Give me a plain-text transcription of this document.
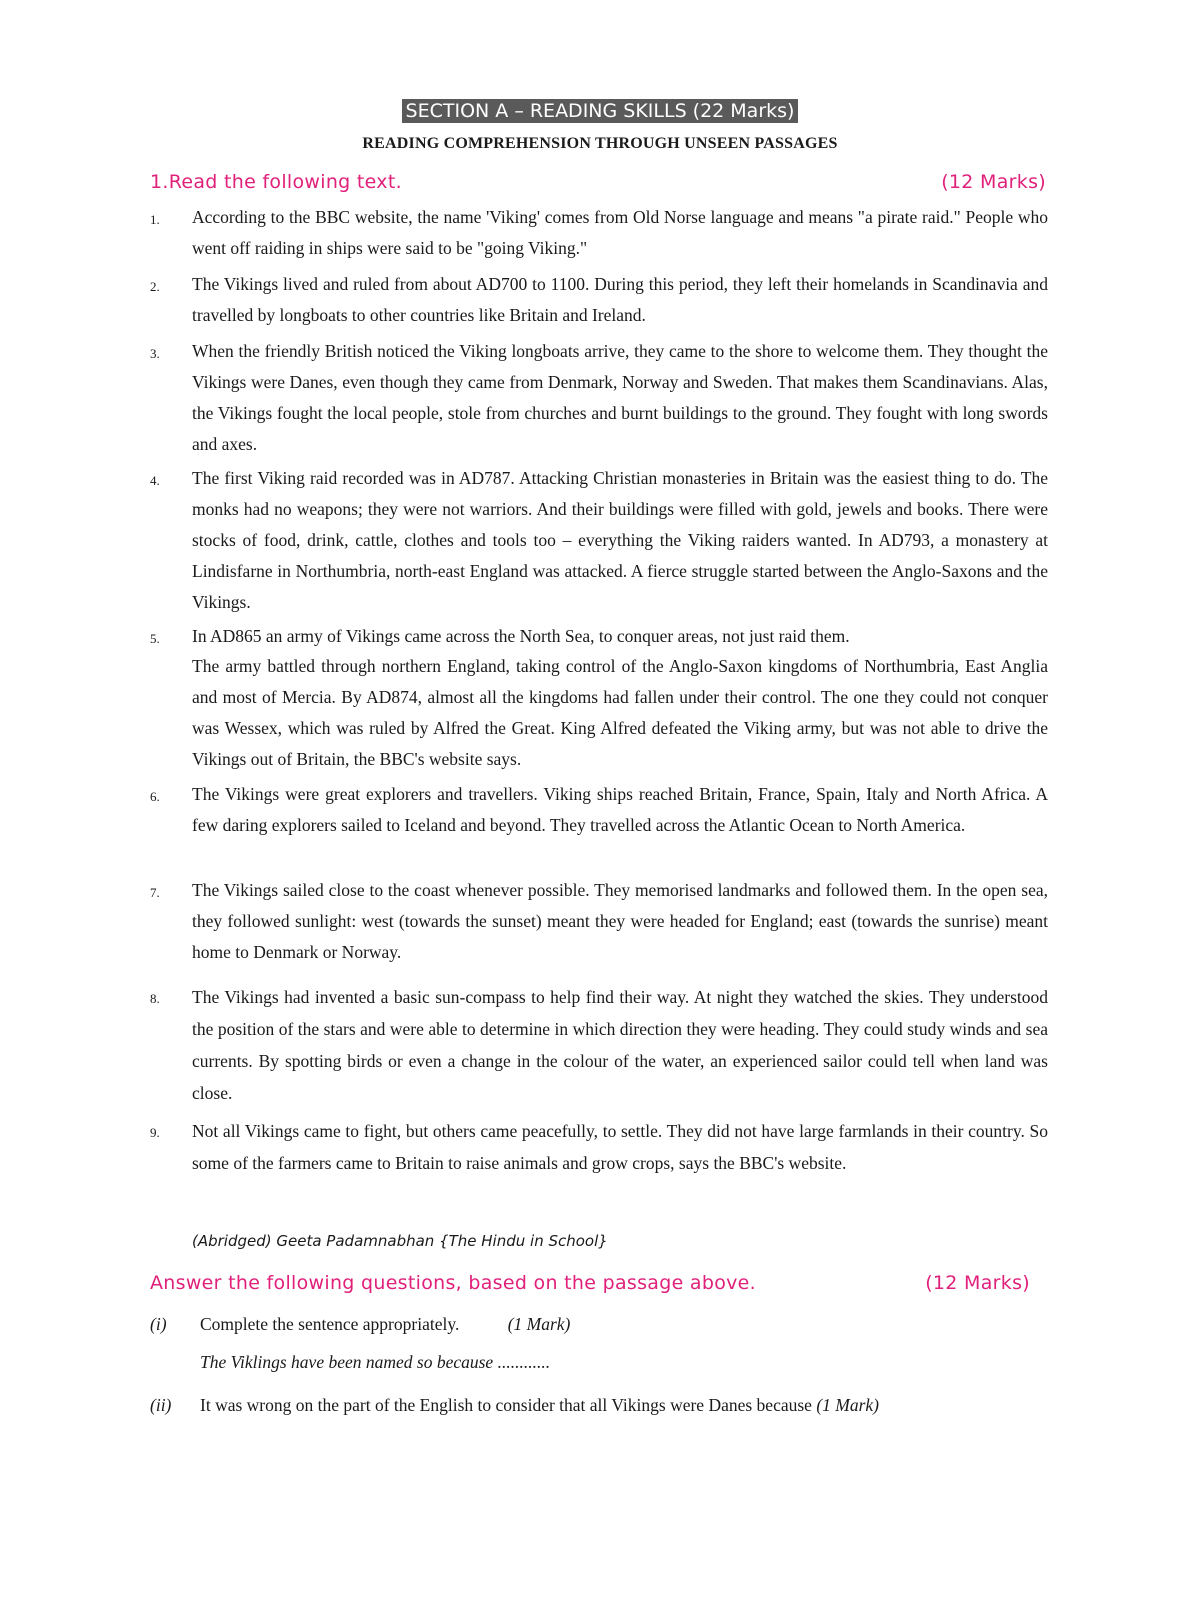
SECTION A – READING SKILLS (22 Marks)
READING COMPREHENSION THROUGH UNSEEN PASSAGES
1.Read the following text.	(12 Marks)
1. According to the BBC website, the name 'Viking' comes from Old Norse language and means "a pirate raid." People who went off raiding in ships were said to be "going Viking."
2. The Vikings lived and ruled from about AD700 to 1100. During this period, they left their homelands in Scandinavia and travelled by longboats to other countries like Britain and Ireland.
3. When the friendly British noticed the Viking longboats arrive, they came to the shore to welcome them. They thought the Vikings were Danes, even though they came from Denmark, Norway and Sweden. That makes them Scandinavians. Alas, the Vikings fought the local people, stole from churches and burnt buildings to the ground. They fought with long swords and axes.
4. The first Viking raid recorded was in AD787. Attacking Christian monasteries in Britain was the easiest thing to do. The monks had no weapons; they were not warriors. And their buildings were filled with gold, jewels and books. There were stocks of food, drink, cattle, clothes and tools too – everything the Viking raiders wanted. In AD793, a monastery at Lindisfarne in Northumbria, north-east England was attacked. A fierce struggle started between the Anglo-Saxons and the Vikings.
5. In AD865 an army of Vikings came across the North Sea, to conquer areas, not just raid them.
The army battled through northern England, taking control of the Anglo-Saxon kingdoms of Northumbria, East Anglia and most of Mercia. By AD874, almost all the kingdoms had fallen under their control. The one they could not conquer was Wessex, which was ruled by Alfred the Great. King Alfred defeated the Viking army, but was not able to drive the Vikings out of Britain, the BBC's website says.
6. The Vikings were great explorers and travellers. Viking ships reached Britain, France, Spain, Italy and North Africa. A few daring explorers sailed to Iceland and beyond. They travelled across the Atlantic Ocean to North America.
7. The Vikings sailed close to the coast whenever possible. They memorised landmarks and followed them. In the open sea, they followed sunlight: west (towards the sunset) meant they were headed for England; east (towards the sunrise) meant home to Denmark or Norway.
8. The Vikings had invented a basic sun-compass to help find their way. At night they watched the skies. They understood the position of the stars and were able to determine in which direction they were heading. They could study winds and sea currents. By spotting birds or even a change in the colour of the water, an experienced sailor could tell when land was close.
9. Not all Vikings came to fight, but others came peacefully, to settle. They did not have large farmlands in their country. So some of the farmers came to Britain to raise animals and grow crops, says the BBC's website.
(Abridged) Geeta Padamnabhan {The Hindu in School}
Answer the following questions, based on the passage above.	(12 Marks)
(i) Complete the sentence appropriately.	(1 Mark)
The Viklings have been named so because ............
(ii) It was wrong on the part of the English to consider that all Vikings were Danes because (1 Mark)
